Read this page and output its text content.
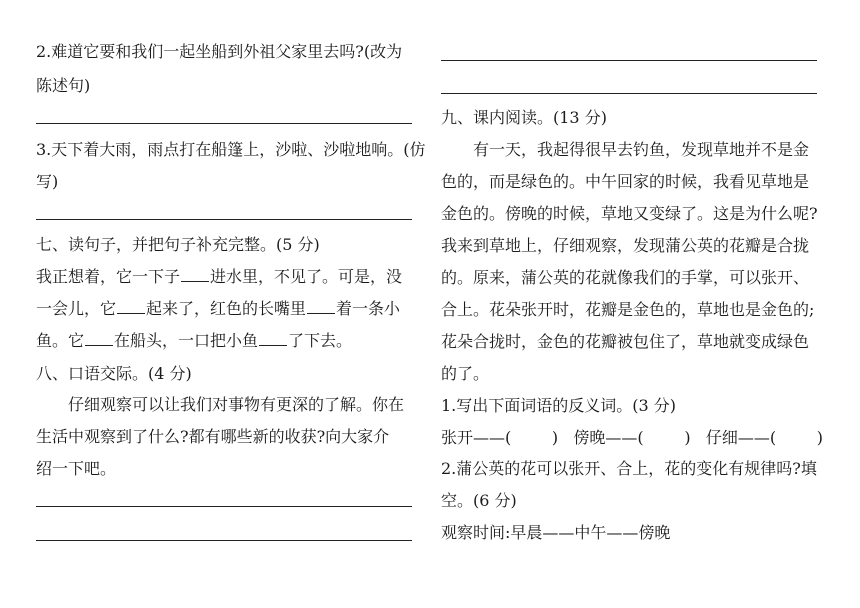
2.难道它要和我们一起坐船到外祖父家里去吗?(改为
陈述句)
3.天下着大雨，雨点打在船篷上，沙啦、沙啦地响。(仿
写)
七、读句子，并把句子补充完整。(5 分)
我正想着，它一下子 进水里，不见了。可是，没
一会儿，它 起来了，红色的长嘴里 着一条小
鱼。它 在船头，一口把小鱼 了下去。
八、口语交际。(4 分)
仔细观察可以让我们对事物有更深的了解。你在
生活中观察到了什么?都有哪些新的收获?向大家介
绍一下吧。
九、课内阅读。(13 分)
有一天，我起得很早去钓鱼，发现草地并不是金
色的，而是绿色的。中午回家的时候，我看见草地是
金色的。傍晚的时候，草地又变绿了。这是为什么呢?
我来到草地上，仔细观察，发现蒲公英的花瓣是合拢
的。原来，蒲公英的花就像我们的手掌，可以张开、
合上。花朵张开时，花瓣是金色的，草地也是金色的;
花朵合拢时，金色的花瓣被包住了，草地就变成绿色
的了。
1.写出下面词语的反义词。(3 分)
张开——(        )   傍晚——(        )   仔细——(        )
2.蒲公英的花可以张开、合上，花的变化有规律吗?填
空。(6 分)
观察时间:早晨——中午——傍晚
